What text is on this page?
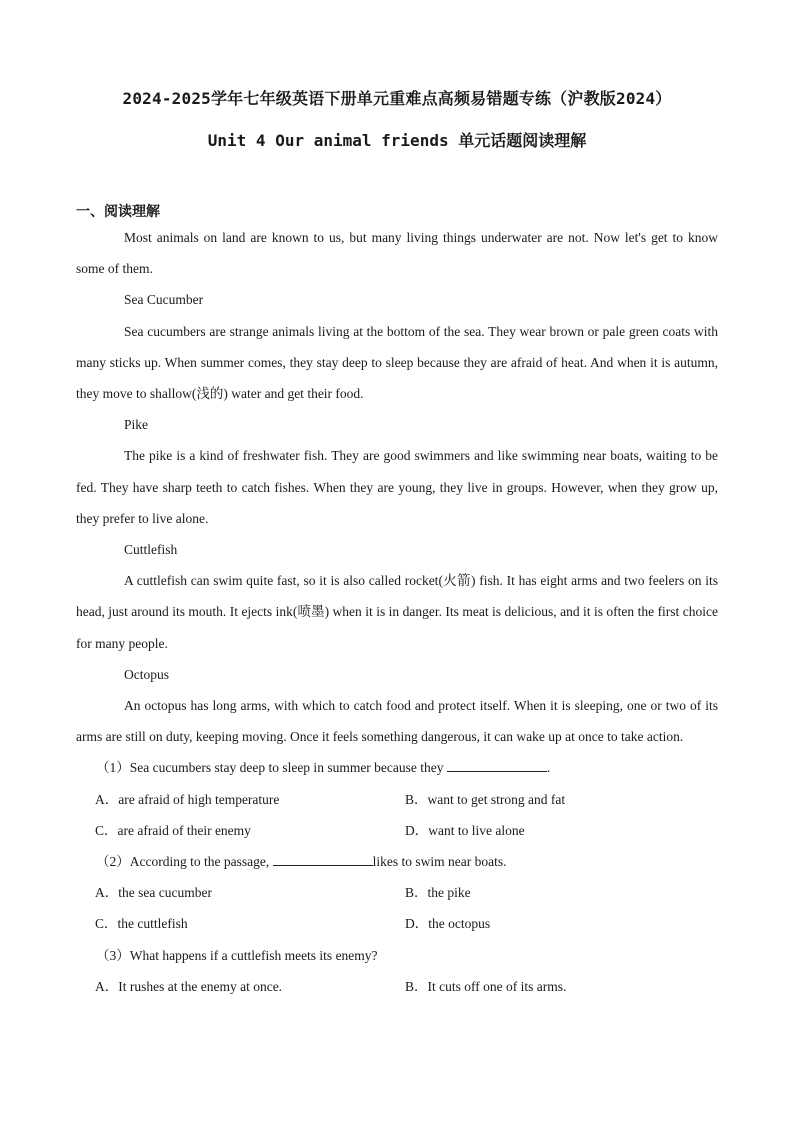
2024-2025学年七年级英语下册单元重难点高频易错题专练（沪教版2024）
Unit 4 Our animal friends 单元话题阅读理解
一、阅读理解

Most animals on land are known to us, but many living things underwater are not. Now let's get to know some of them.

Sea Cucumber

Sea cucumbers are strange animals living at the bottom of the sea. They wear brown or pale green coats with many sticks up. When summer comes, they stay deep to sleep because they are afraid of heat. And when it is autumn, they move to shallow(浅的) water and get their food.

Pike

The pike is a kind of freshwater fish. They are good swimmers and like swimming near boats, waiting to be fed. They have sharp teeth to catch fishes. When they are young, they live in groups. However, when they grow up, they prefer to live alone.

Cuttlefish

A cuttlefish can swim quite fast, so it is also called rocket(火箭) fish. It has eight arms and two feelers on its head, just around its mouth. It ejects ink(喷墨) when it is in danger. Its meat is delicious, and it is often the first choice for many people.

Octopus

An octopus has long arms, with which to catch food and protect itself. When it is sleeping, one or two of its arms are still on duty, keeping moving. Once it feels something dangerous, it can wake up at once to take action.

（1）Sea cucumbers stay deep to sleep in summer because they	.
A．are afraid of high temperature	B．want to get strong and fat
C．are afraid of their enemy	D．want to live alone
（2）According to the passage,	likes to swim near boats.
A．the sea cucumber	B．the pike
C．the cuttlefish	D．the octopus
（3）What happens if a cuttlefish meets its enemy?
A．It rushes at the enemy at once.	B．It cuts off one of its arms.
